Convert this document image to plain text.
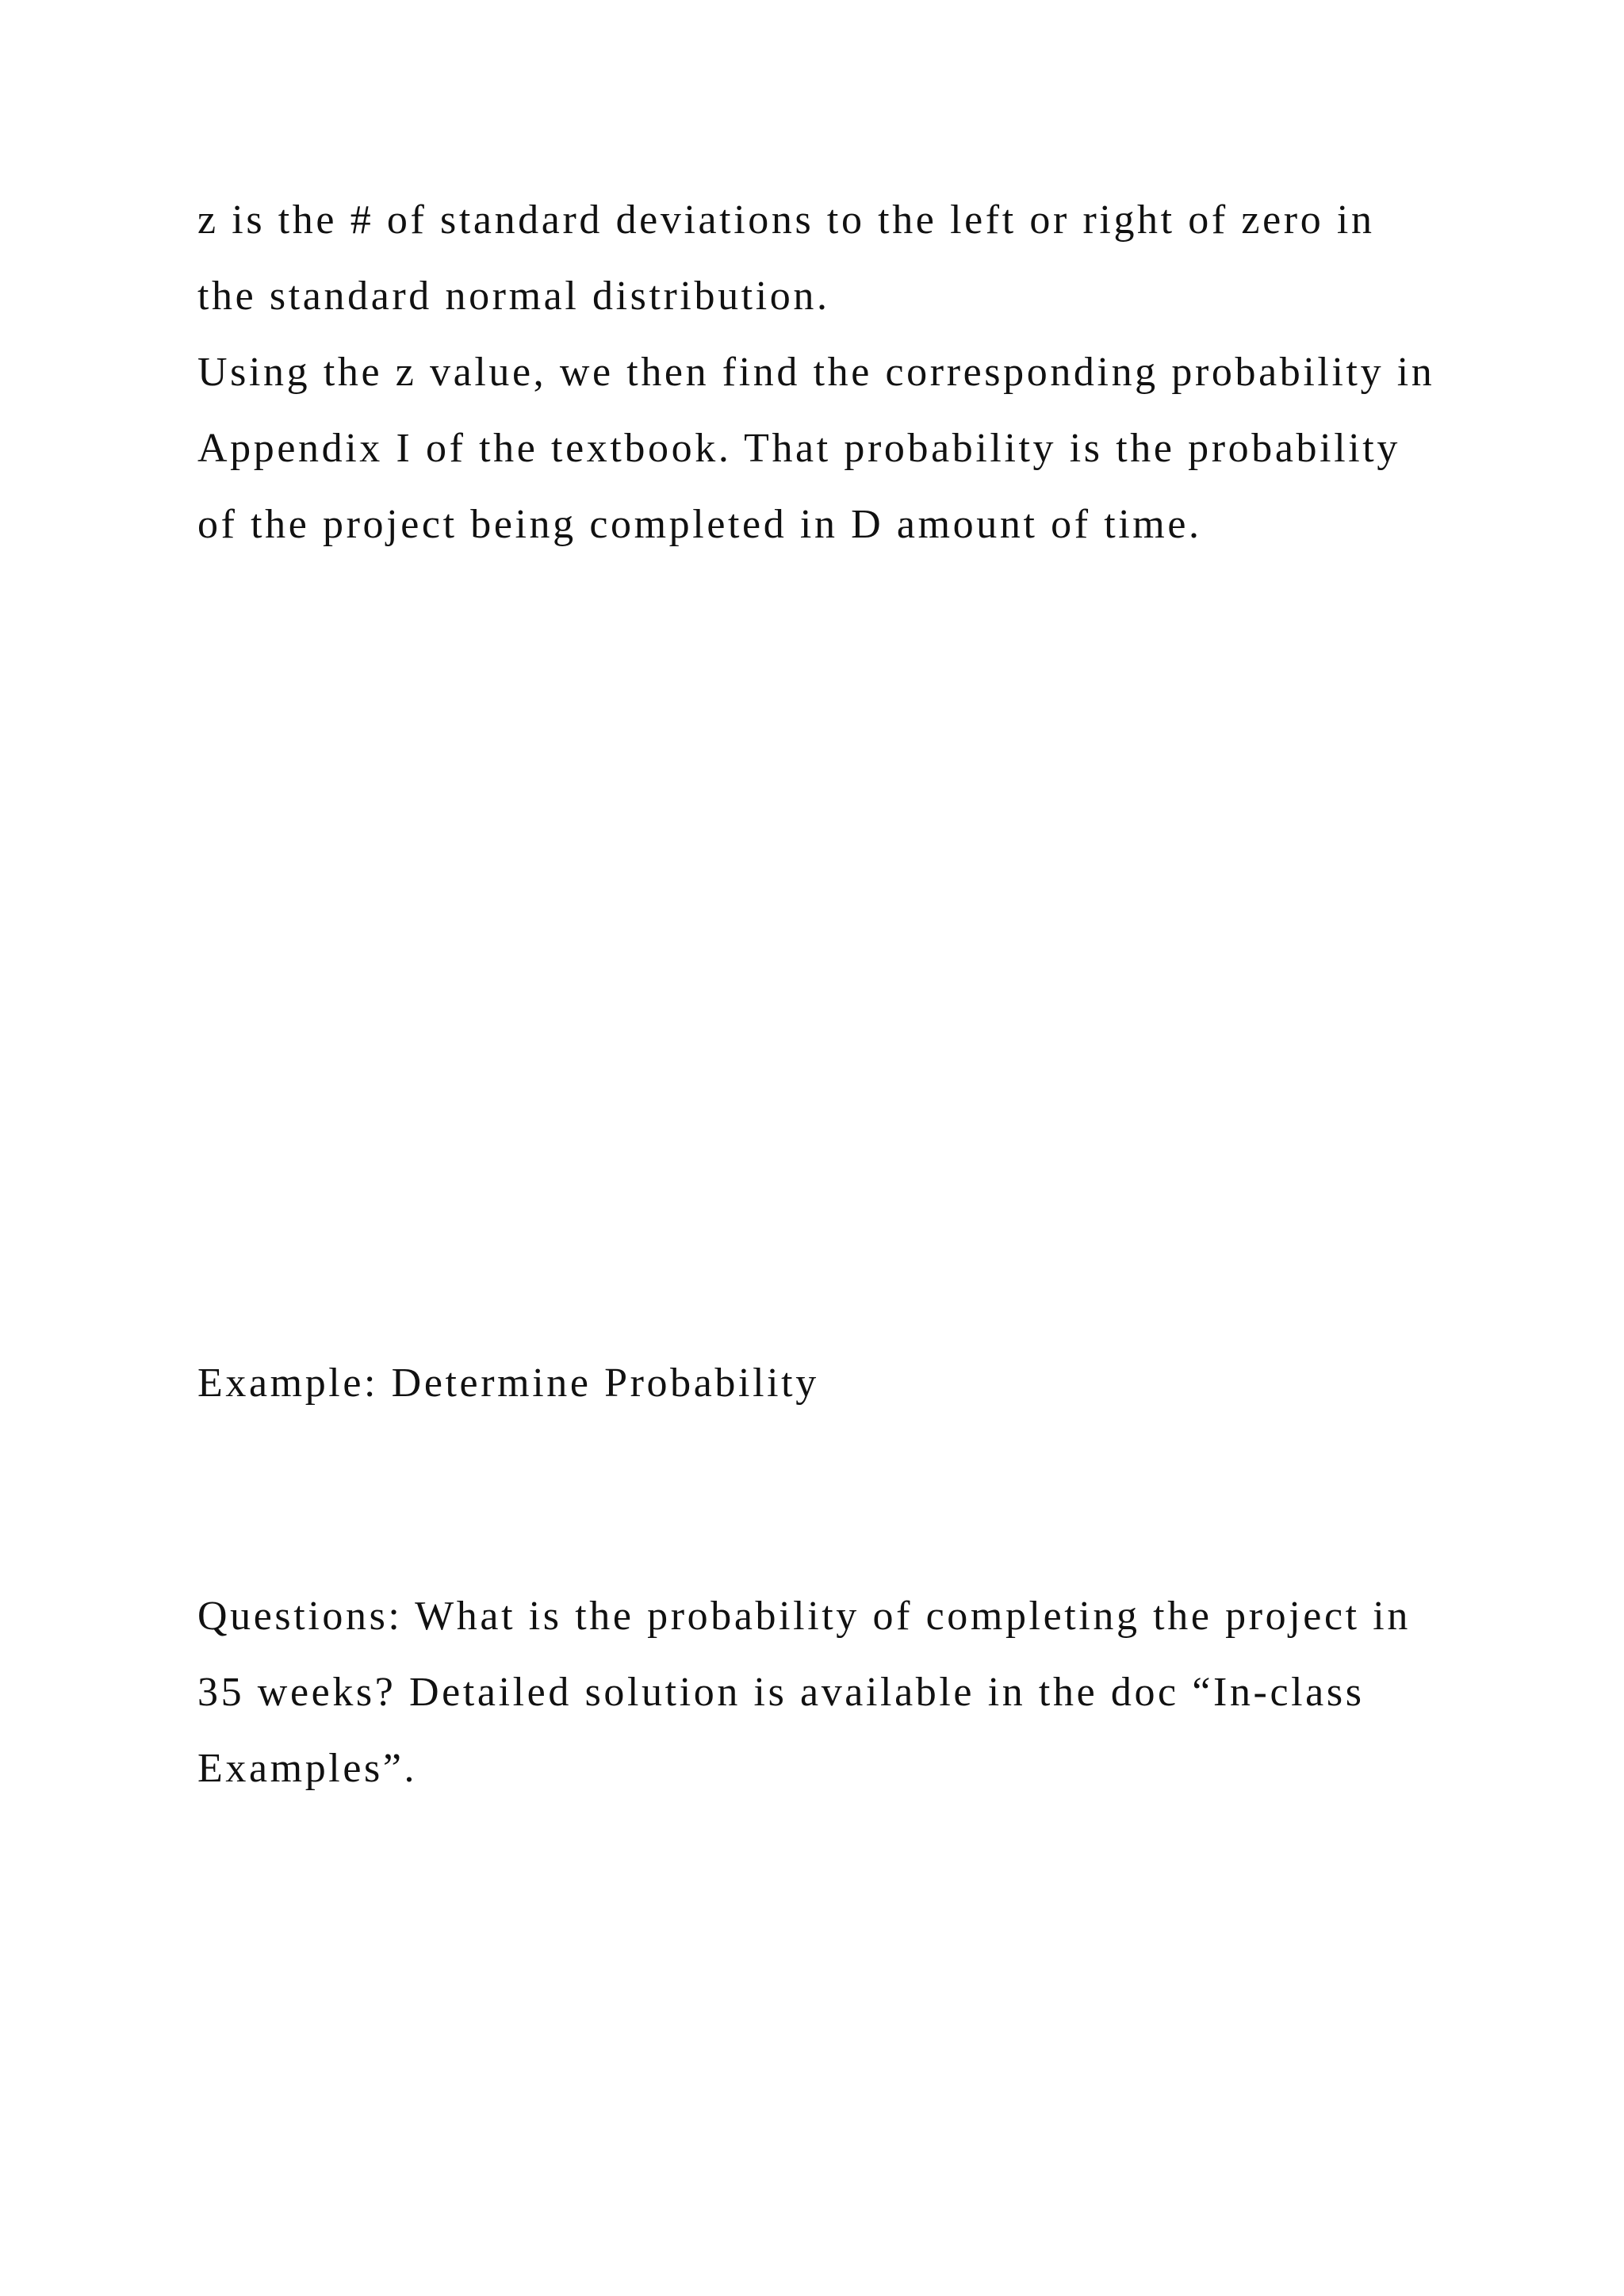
z is the # of standard deviations to the left or right of zero in

the standard normal distribution.

Using the z value, we then find the corresponding probability in

Appendix I of the textbook. That probability is the probability

of the project being completed in D amount of time.

Example: Determine Probability

Questions: What is the probability of completing the project in

35 weeks? Detailed solution is available in the doc “In-class

Examples”.
